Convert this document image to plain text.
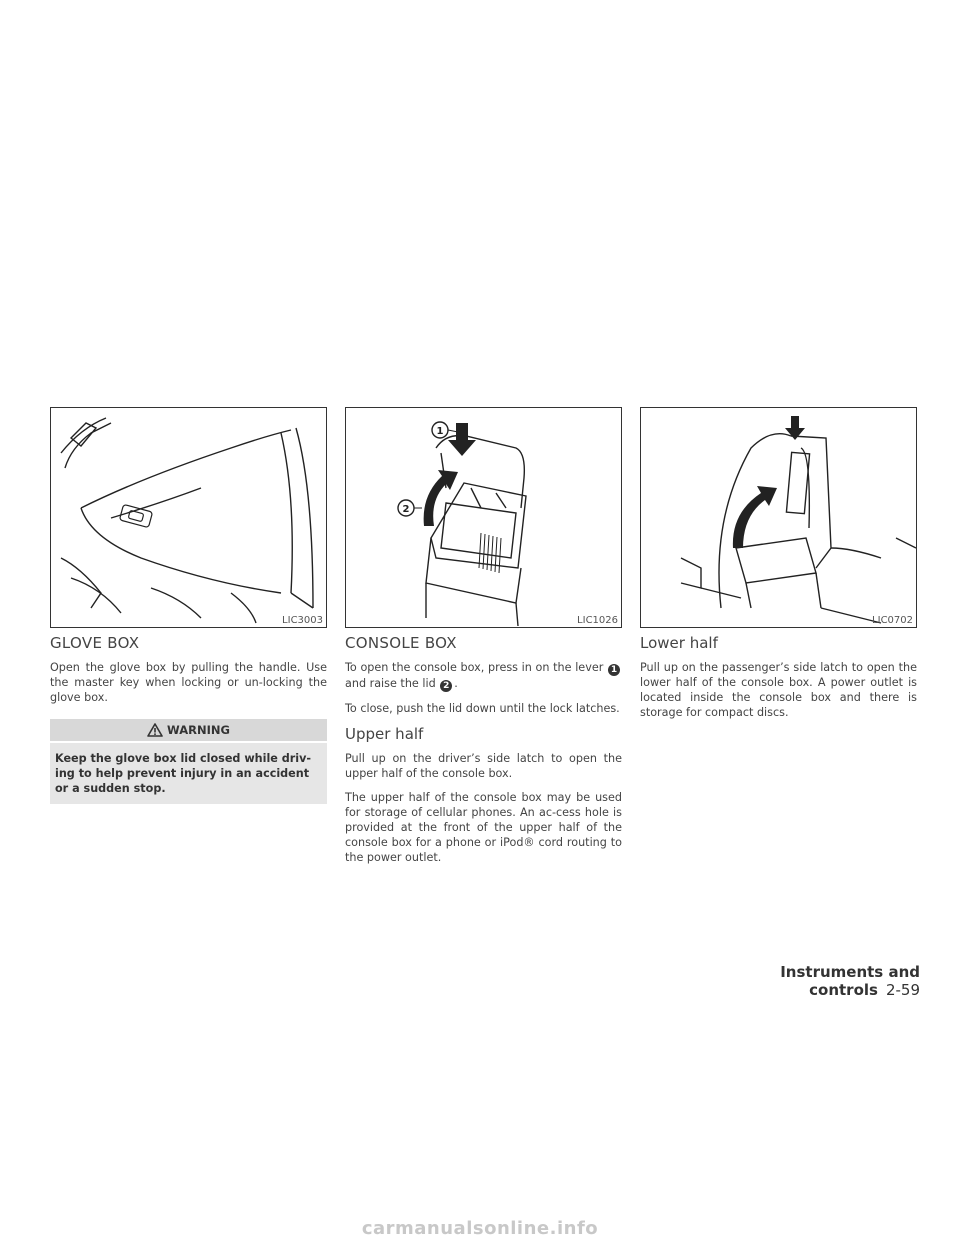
LIC3003
1
2
LIC1026	LIC0702
GLOVE BOX

Open the glove box by pulling the handle. Use the master key when locking or un-locking the glove box.

WARNING
Keep the glove box lid closed while driv-ing to help prevent injury in an accident or a sudden stop.
CONSOLE BOX

To open the console box, press in on the lever 1and raise the lid 2 .

To close, push the lid down until the lock latches.

Upper half

Pull up on the driver’s side latch to open the upper half of the console box.

The upper half of the console box may be used for storage of cellular phones. An ac-cess hole is provided at the front of the upper half of the console box for a phone or iPod® cord routing to the power outlet.

Lower half

Pull up on the passenger’s side latch to open the lower half of the console box. A power outlet is located inside the console box and there is storage for compact discs.

Instruments and controls 2-59
carmanualsonline.info
